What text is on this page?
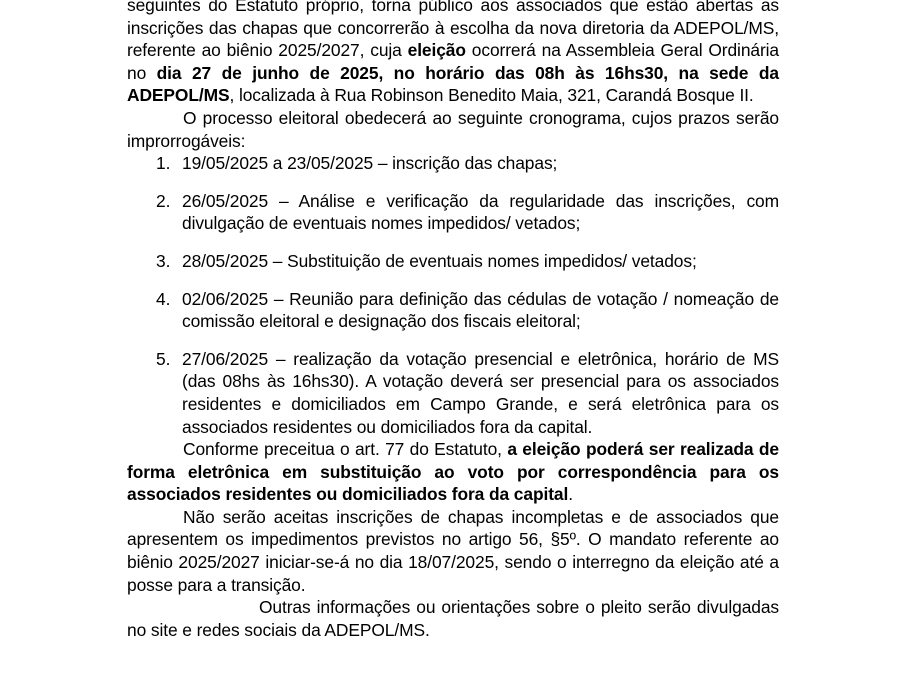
seguintes do Estatuto próprio, torna público aos associados que estão abertas as inscrições das chapas que concorrerão à escolha da nova diretoria da ADEPOL/MS, referente ao biênio 2025/2027, cuja eleição ocorrerá na Assembleia Geral Ordinária no dia 27 de junho de 2025, no horário das 08h às 16hs30, na sede da ADEPOL/MS, localizada à Rua Robinson Benedito Maia, 321, Carandá Bosque II.

O processo eleitoral obedecerá ao seguinte cronograma, cujos prazos serão improrrogáveis:

19/05/2025 a 23/05/2025 – inscrição das chapas;
26/05/2025 – Análise e verificação da regularidade das inscrições, com divulgação de eventuais nomes impedidos/ vetados;
28/05/2025 – Substituição de eventuais nomes impedidos/ vetados;
02/06/2025 – Reunião para definição das cédulas de votação / nomeação de comissão eleitoral e designação dos fiscais eleitoral;
27/06/2025 – realização da votação presencial e eletrônica, horário de MS (das 08hs às 16hs30). A votação deverá ser presencial para os associados residentes e domiciliados em Campo Grande, e será eletrônica para os associados residentes ou domiciliados fora da capital.

Conforme preceitua o art. 77 do Estatuto, a eleição poderá ser realizada de forma eletrônica em substituição ao voto por correspondência para os associados residentes ou domiciliados fora da capital.

Não serão aceitas inscrições de chapas incompletas e de associados que apresentem os impedimentos previstos no artigo 56, §5º. O mandato referente ao biênio 2025/2027 iniciar-se-á no dia 18/07/2025, sendo o interregno da eleição até a posse para a transição.

Outras informações ou orientações sobre o pleito serão divulgadas no site e redes sociais da ADEPOL/MS.
